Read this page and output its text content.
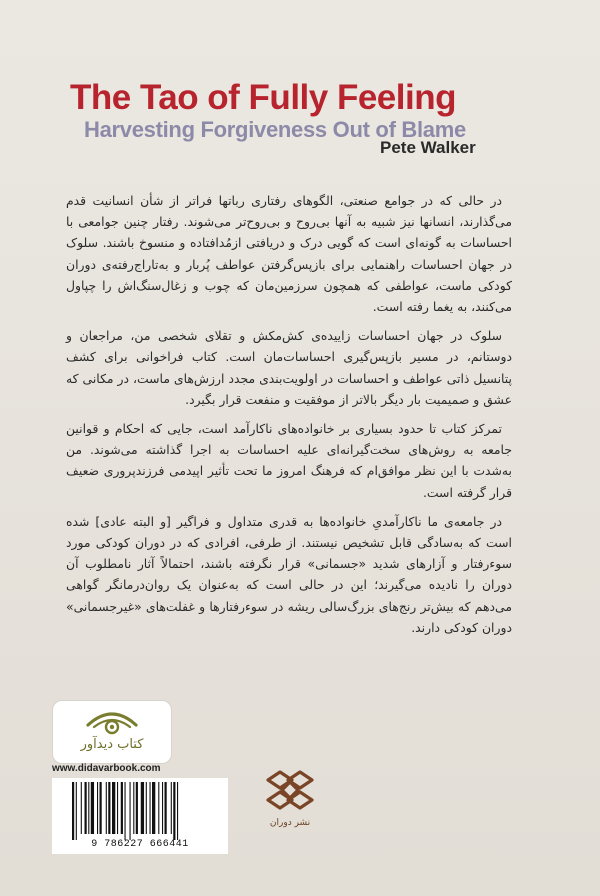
The Tao of Fully Feeling
Harvesting Forgiveness Out of Blame
Pete Walker

در حالی که در جوامع صنعتی، الگوهای رفتاری رباتها فراتر از شأن انسانیت قدم می‌گذارند، انسانها نیز شبیه به آنها بی‌روح و بی‌روح‌تر می‌شوند. رفتار چنین جوامعی با احساسات به گونه‌ای است که گویی درک و دریافتی ازمُدافتاده و منسوخ باشند. سلوک در جهان احساسات راهنمایی برای بازپس‌گرفتن عواطف پُربار و به‌تاراج‌رفته‌ی دوران کودکی ماست، عواطفی که همچون سرزمین‌مان که چوب و زغال‌سنگ‌اش را چپاول می‌کنند، به یغما رفته است.

سلوک در جهان احساسات زاییده‌ی کش‌مکش و تقلای شخصی من، مراجعان و دوستانم، در مسیر بازپس‌گیری احساسات‌مان است. کتاب فراخوانی برای کشف پتانسیل ذاتی عواطف و احساسات در اولویت‌بندی مجدد ارزش‌های ماست، در مکانی که عشق و صمیمیت بار دیگر بالاتر از موفقیت و منفعت قرار بگیرد.

تمرکز کتاب تا حدود بسیاری بر خانواده‌های ناکارآمد است، جایی که احکام و قوانین جامعه به روش‌های سخت‌گیرانه‌ای علیه احساسات به اجرا گذاشته می‌شوند. من به‌شدت با این نظر موافق‌ام که فرهنگ امروز ما تحت تأثیر اپیدمی فرزندپروری ضعیف قرار گرفته است.

در جامعه‌ی ما ناکارآمدیِ خانواده‌ها به قدری متداول و فراگیر [و البته عادی] شده است که به‌سادگی قابل تشخیص نیستند. از طرفی، افرادی که در دوران کودکی مورد سوءرفتار و آزارهای شدید «جسمانی» قرار نگرفته باشند، احتمالاً آثار نامطلوب آن دوران را نادیده می‌گیرند؛ این در حالی است که به‌عنوان یک روان‌درمانگر گواهی می‌دهم که بیش‌تر رنج‌های بزرگ‌سالی ریشه در سوءرفتارها و غفلت‌های «غیرجسمانی» دوران کودکی دارند.

کتاب دیدآور
www.didavarbook.com
9 786227 666441
نشر دوران
